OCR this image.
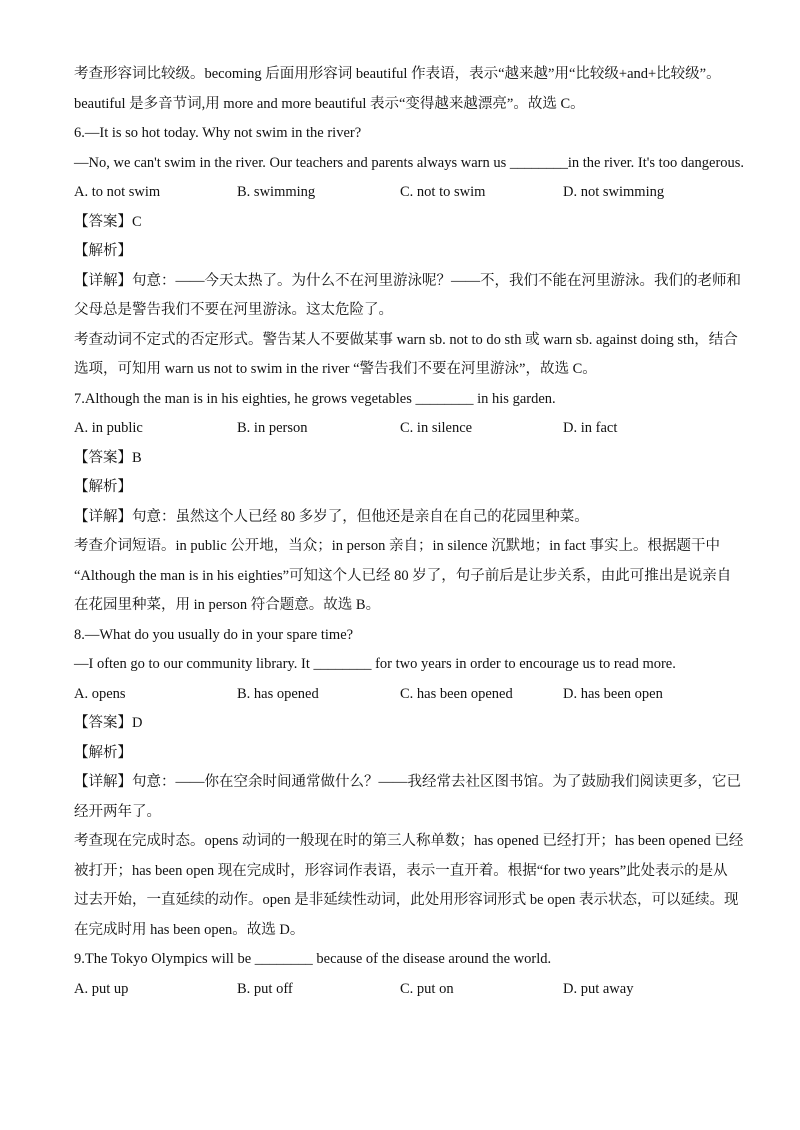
考查形容词比较级。becoming 后面用形容词 beautiful 作表语，表示“越来越”用“比较级+and+比较级”。
beautiful 是多音节词,用 more and more beautiful 表示“变得越来越漂亮”。故选 C。
6.—It is so hot today. Why not swim in the river?
—No, we can't swim in the river. Our teachers and parents always warn us ________in the river. It's too dangerous.
A. to not swim	B. swimming	C. not to swim	D. not swimming
【答案】C
【解析】
【详解】句意：——今天太热了。为什么不在河里游泳呢？——不，我们不能在河里游泳。我们的老师和
父母总是警告我们不要在河里游泳。这太危险了。
考查动词不定式的否定形式。警告某人不要做某事 warn sb. not to do sth 或 warn sb. against doing sth，结合
选项，可知用 warn us not to swim in the river “警告我们不要在河里游泳”，故选 C。
7.Although the man is in his eighties, he grows vegetables ________ in his garden.
A. in public	B. in person	C. in silence	D. in fact
【答案】B
【解析】
【详解】句意：虽然这个人已经 80 多岁了，但他还是亲自在自己的花园里种菜。
考查介词短语。in public 公开地，当众；in person 亲自；in silence 沉默地；in fact 事实上。根据题干中
“Although the man is in his eighties”可知这个人已经 80 岁了，句子前后是让步关系，由此可推出是说亲自
在花园里种菜，用 in person 符合题意。故选 B。
8.—What do you usually do in your spare time?
—I often go to our community library. It ________ for two years in order to encourage us to read more.
A. opens	B. has opened	C. has been opened	D. has been open
【答案】D
【解析】
【详解】句意：——你在空余时间通常做什么？——我经常去社区图书馆。为了鼓励我们阅读更多，它已
经开两年了。
考查现在完成时态。opens 动词的一般现在时的第三人称单数；has opened 已经打开；has been opened 已经
被打开；has been open 现在完成时，形容词作表语，表示一直开着。根据“for two years”此处表示的是从
过去开始，一直延续的动作。open 是非延续性动词，此处用形容词形式 be open 表示状态，可以延续。现
在完成时用 has been open。故选 D。
9.The Tokyo Olympics will be ________ because of the disease around the world.
A. put up	B. put off	C. put on	D. put away
